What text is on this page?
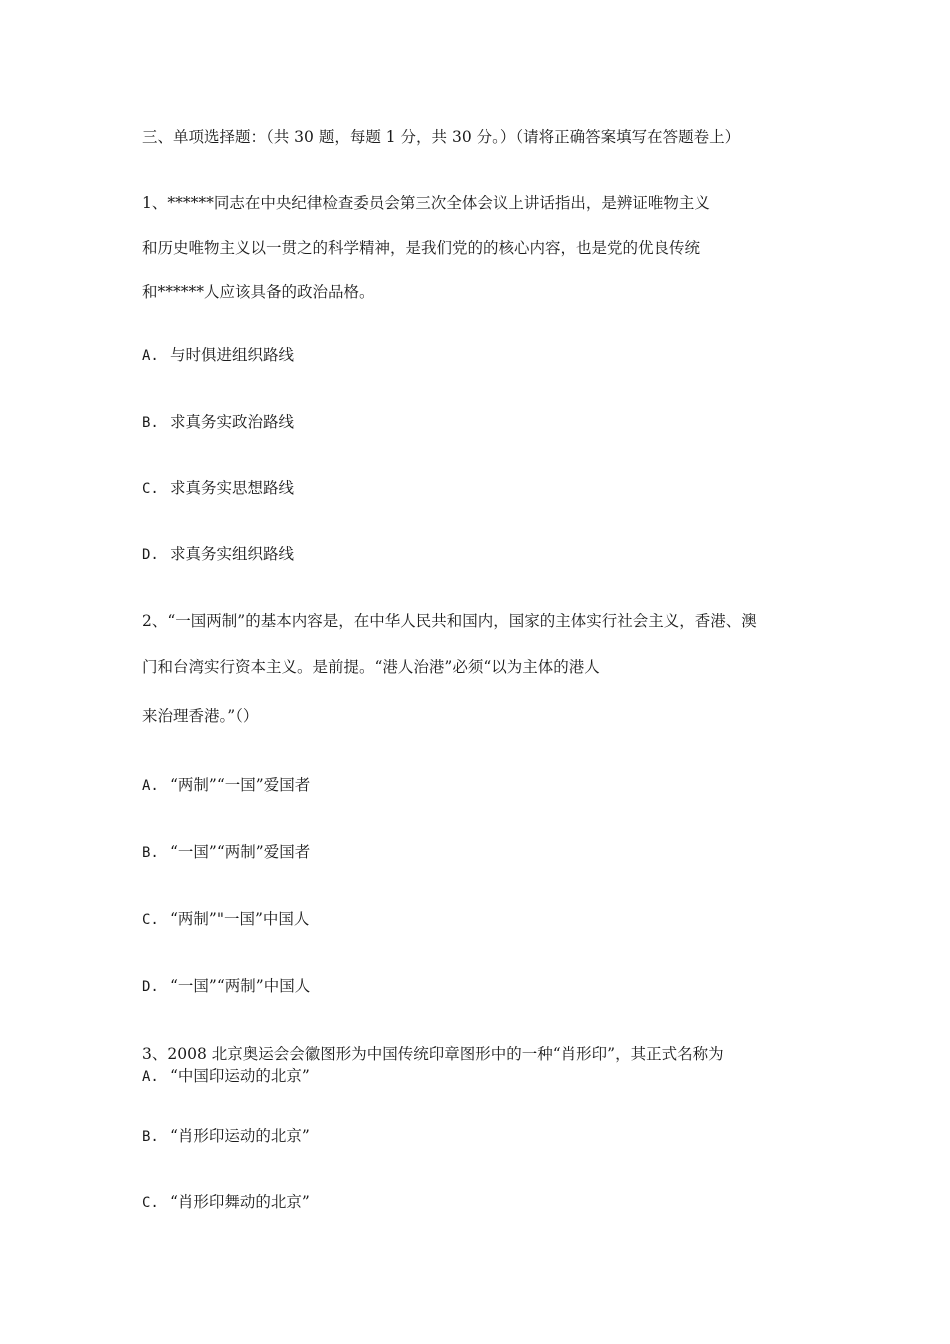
三、单项选择题：（共 30 题，每题 1 分，共 30 分。）（请将正确答案填写在答题卷上）
1、******同志在中央纪律检查委员会第三次全体会议上讲话指出，是辨证唯物主义
和历史唯物主义以一贯之的科学精神，是我们党的的核心内容，也是党的优良传统
和******人应该具备的政治品格。
A. 与时俱进组织路线
B. 求真务实政治路线
C. 求真务实思想路线
D. 求真务实组织路线
2、“一国两制”的基本内容是，在中华人民共和国内，国家的主体实行社会主义，香港、澳
门和台湾实行资本主义。是前提。“港人治港”必须“以为主体的港人
来治理香港。”（）
A. “两制”“一国”爱国者
B. “一国”“两制”爱国者
C. “两制”"一国”中国人
D. “一国”“两制”中国人
3、2008 北京奥运会会徽图形为中国传统印章图形中的一种“肖形印”，其正式名称为
A. “中国印运动的北京”
B. “肖形印运动的北京”
C. “肖形印舞动的北京”
